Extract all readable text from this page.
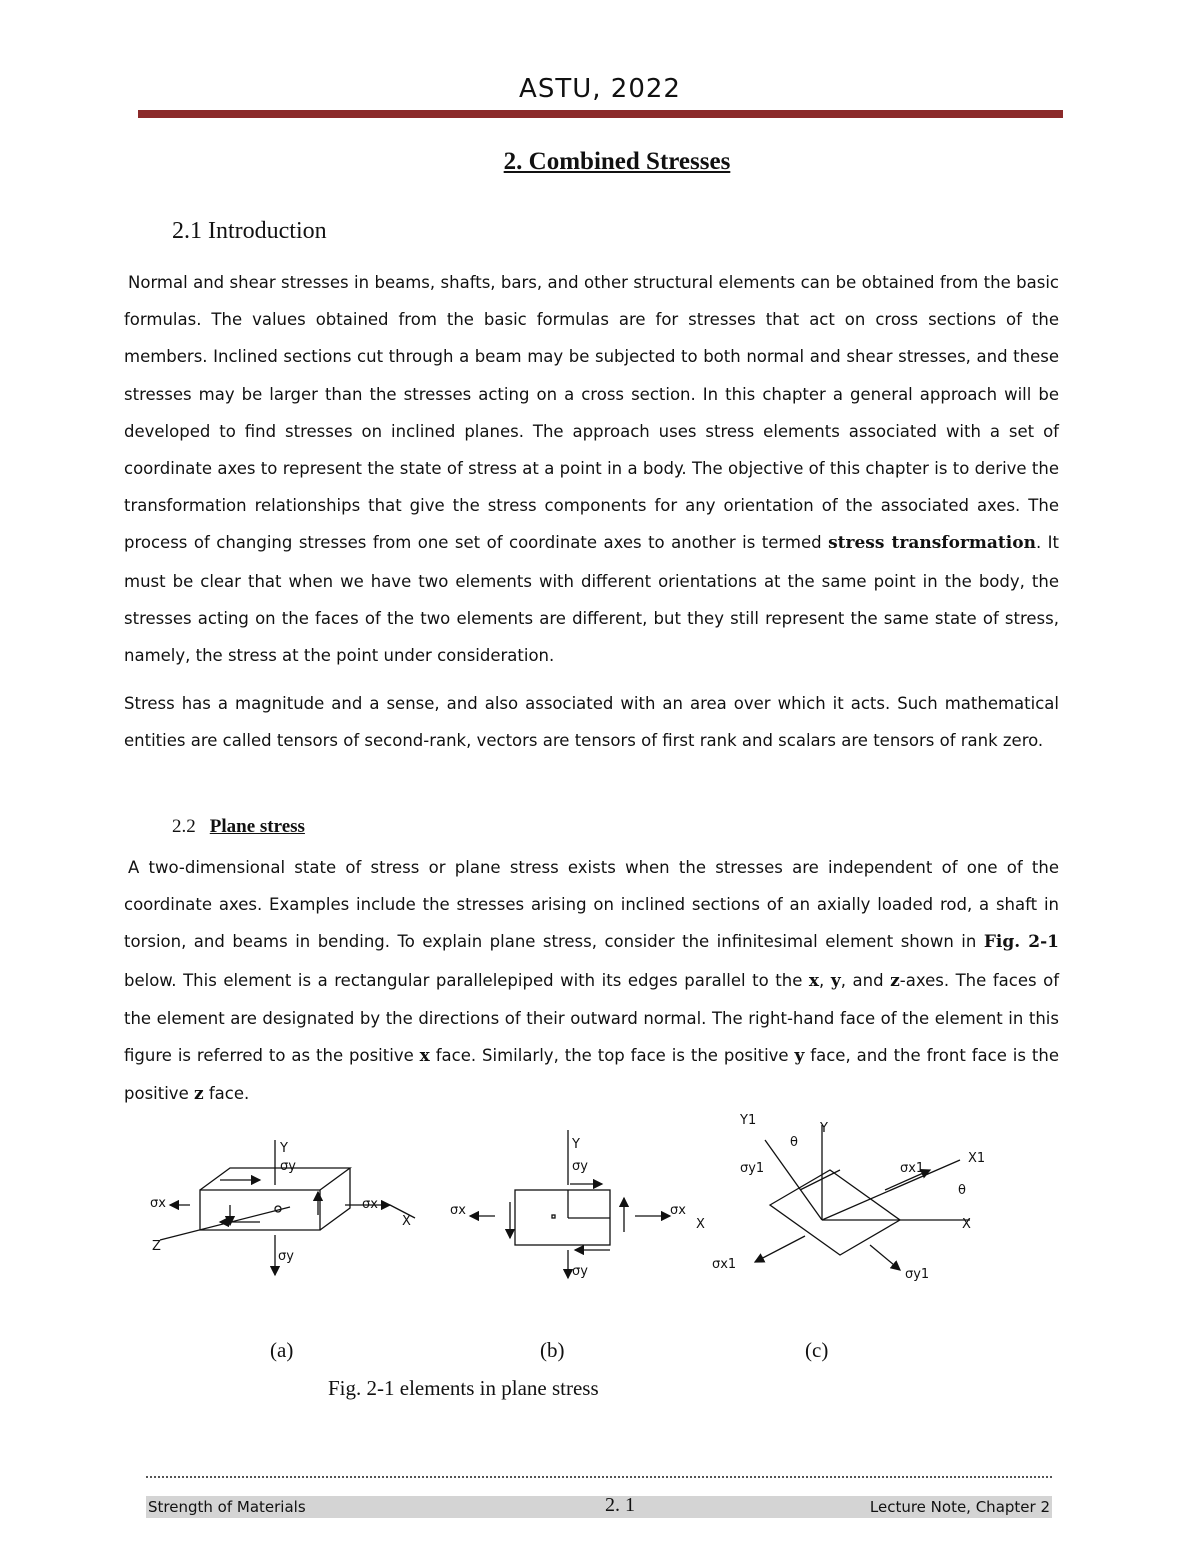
ASTU, 2022
2. Combined Stresses
2.1 Introduction
Normal and shear stresses in beams, shafts, bars, and other structural elements can be obtained from the basic formulas. The values obtained from the basic formulas are for stresses that act on cross sections of the members. Inclined sections cut through a beam may be subjected to both normal and shear stresses, and these stresses may be larger than the stresses acting on a cross section. In this chapter a general approach will be developed to find stresses on inclined planes. The approach uses stress elements associated with a set of coordinate axes to represent the state of stress at a point in a body. The objective of this chapter is to derive the transformation relationships that give the stress components for any orientation of the associated axes. The process of changing stresses from one set of coordinate axes to another is termed stress transformation. It must be clear that when we have two elements with different orientations at the same point in the body, the stresses acting on the faces of the two elements are different, but they still represent the same state of stress, namely, the stress at the point under consideration.
Stress has a magnitude and a sense, and also associated with an area over which it acts. Such mathematical entities are called tensors of second-rank, vectors are tensors of first rank and scalars are tensors of rank zero.
2.2 Plane stress
A two-dimensional state of stress or plane stress exists when the stresses are independent of one of the coordinate axes. Examples include the stresses arising on inclined sections of an axially loaded rod, a shaft in torsion, and beams in bending. To explain plane stress, consider the infinitesimal element shown in Fig. 2-1 below. This element is a rectangular parallelepiped with its edges parallel to the x, y, and z-axes. The faces of the element are designated by the directions of their outward normal. The right-hand face of the element in this figure is referred to as the positive x face. Similarly, the top face is the positive y face, and the front face is the positive z face.
Y
σy
σx	σx
X
Z
σy
Y
σy
σx	σx
X
σy
Y1
Y
θ
σy1	σx1
X1
θ
X
σx1
σy1
(a)	(b)	(c)
Fig. 2-1 elements in plane stress
Strength of Materials	2. 1	Lecture Note, Chapter 2
